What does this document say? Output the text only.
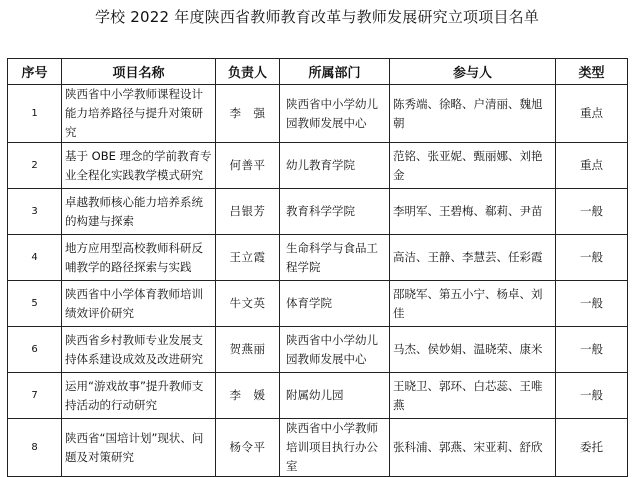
学校 2022 年度陕西省教师教育改革与教师发展研究立项项目名单
序号	项目名称	负责人	所属部门	参与人	类型
1	陕西省中小学教师课程设计能力培养路径与提升对策研究	李　强	陕西省中小学幼儿园教师发展中心	陈秀端、徐略、户清丽、魏旭朝	重点
2	基于 OBE 理念的学前教育专业全程化实践教学模式研究	何善平	幼儿教育学院	范铭、张亚妮、甄丽娜、刘艳金	重点
3	卓越教师核心能力培养系统的构建与探索	吕银芳	教育科学学院	李明军、王碧梅、郗莉、尹苗	一般
4	地方应用型高校教师科研反哺教学的路径探索与实践	王立霞	生命科学与食品工程学院	高洁、王静、李慧芸、任彩霞	一般
5	陕西省中小学体育教师培训绩效评价研究	牛文英	体育学院	邵晓军、第五小宁、杨卓、刘佳	一般
6	陕西省乡村教师专业发展支持体系建设成效及改进研究	贺燕丽	陕西省中小学幼儿园教师发展中心	马杰、侯妙娟、温晓荣、康米	一般
7	运用“游戏故事”提升教师支持活动的行动研究	李　媛	附属幼儿园	王晓卫、郭环、白芯蕊、王唯燕	一般
8	陕西省“国培计划”现状、问题及对策研究	杨令平	陕西省中小学教师培训项目执行办公室	张科浦、郭燕、宋亚莉、舒欣	委托
